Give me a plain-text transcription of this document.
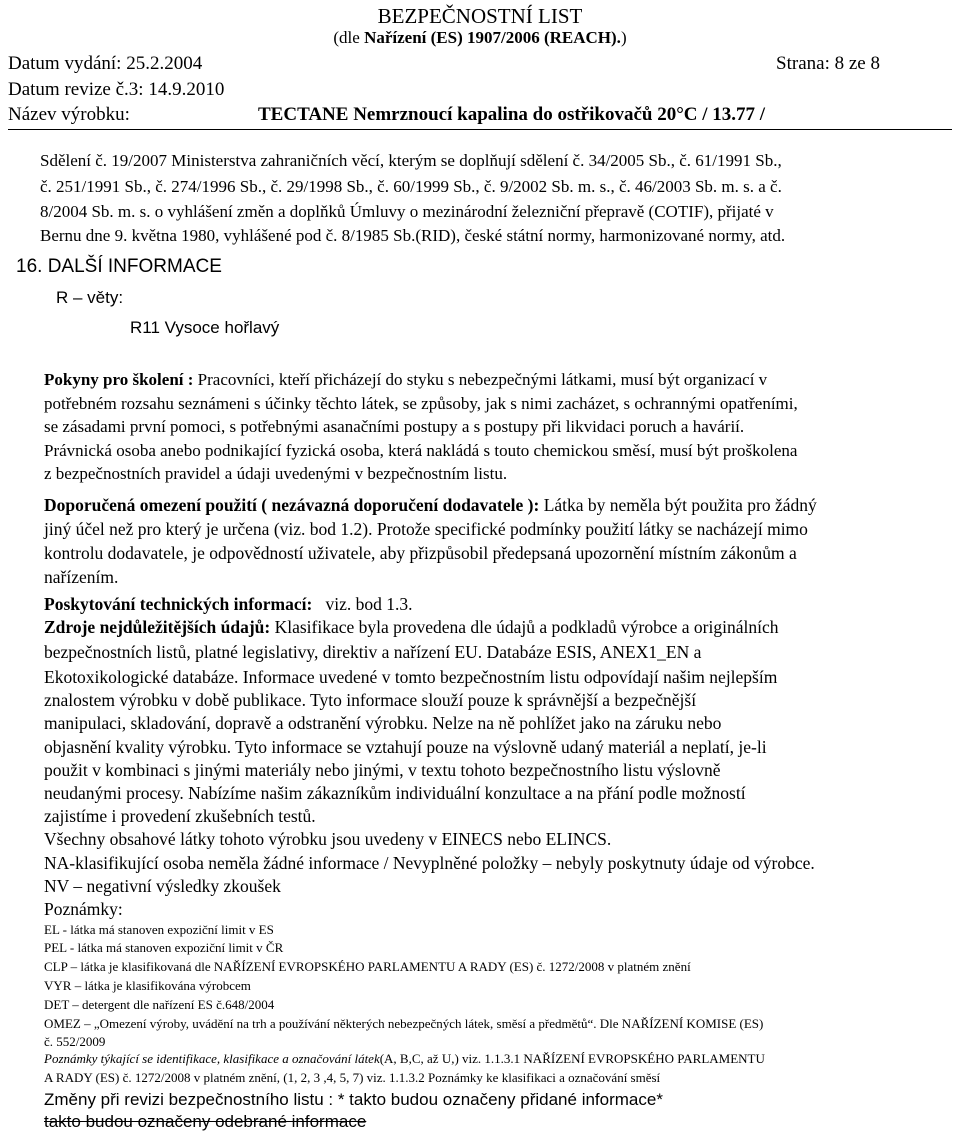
BEZPEČNOSTNÍ LIST
(dle Nařízení (ES) 1907/2006 (REACH).)
Datum vydání: 25.2.2004	Strana: 8 ze 8
Datum revize č.3: 14.9.2010
Název výrobku:	TECTANE Nemrznoucí kapalina do ostřikovačů 20°C / 13.77 /
Sdělení č. 19/2007 Ministerstva zahraničních věcí, kterým se doplňují sdělení č. 34/2005 Sb., č. 61/1991 Sb.,
č. 251/1991 Sb., č. 274/1996 Sb., č. 29/1998 Sb., č. 60/1999 Sb., č. 9/2002 Sb. m. s., č. 46/2003 Sb. m. s. a č.
8/2004 Sb. m. s. o vyhlášení změn a doplňků Úmluvy o mezinárodní železniční přepravě (COTIF), přijaté v
Bernu dne 9. května 1980, vyhlášené pod č. 8/1985 Sb.(RID), české státní normy, harmonizované normy, atd.
16. DALŠÍ INFORMACE
R – věty:
R11 Vysoce hořlavý
Pokyny pro školení : Pracovníci, kteří přicházejí do styku s nebezpečnými látkami, musí být organizací v
potřebném rozsahu seznámeni s účinky těchto látek, se způsoby, jak s nimi zacházet, s ochrannými opatřeními,
se zásadami první pomoci, s potřebnými asanačními postupy a s postupy při likvidaci poruch a havárií.
Právnická osoba anebo podnikající fyzická osoba, která nakládá s touto chemickou směsí, musí být proškolena
z bezpečnostních pravidel a údaji uvedenými v bezpečnostním listu.
Doporučená omezení použití ( nezávazná doporučení dodavatele ): Látka by neměla být použita pro žádný
jiný účel než pro který je určena (viz. bod 1.2). Protože specifické podmínky použití látky se nacházejí mimo
kontrolu dodavatele, je odpovědností uživatele, aby přizpůsobil předepsaná upozornění místním zákonům a
nařízením.
Poskytování technických informací: viz. bod 1.3.
Zdroje nejdůležitějších údajů: Klasifikace byla provedena dle údajů a podkladů výrobce a originálních
bezpečnostních listů, platné legislativy, direktiv a nařízení EU. Databáze ESIS, ANEX1_EN a
Ekotoxikologické databáze. Informace uvedené v tomto bezpečnostním listu odpovídají našim nejlepším
znalostem výrobku v době publikace. Tyto informace slouží pouze k správnější a bezpečnější
manipulaci, skladování, dopravě a odstranění výrobku. Nelze na ně pohlížet jako na záruku nebo
objasnění kvality výrobku. Tyto informace se vztahují pouze na výslovně udaný materiál a neplatí, je-li
použit v kombinaci s jinými materiály nebo jinými, v textu tohoto bezpečnostního listu výslovně
neudanými procesy. Nabízíme našim zákazníkům individuální konzultace a na přání podle možností
zajistíme i provedení zkušebních testů.
Všechny obsahové látky tohoto výrobku jsou uvedeny v EINECS nebo ELINCS.
NA-klasifikující osoba neměla žádné informace / Nevyplněné položky – nebyly poskytnuty údaje od výrobce.
NV – negativní výsledky zkoušek
Poznámky:
EL - látka má stanoven expoziční limit v ES
PEL - látka má stanoven expoziční limit v ČR
CLP – látka je klasifikovaná dle NAŘÍZENÍ EVROPSKÉHO PARLAMENTU A RADY (ES) č. 1272/2008 v platném znění
VYR – látka je klasifikována výrobcem
DET – detergent dle nařízení ES č.648/2004
OMEZ – „Omezení výroby, uvádění na trh a používání některých nebezpečných látek, směsí a předmětů“. Dle NAŘÍZENÍ KOMISE (ES)
č. 552/2009
Poznámky týkající se identifikace, klasifikace a označování látek(A, B,C, až U,) viz. 1.1.3.1 NAŘÍZENÍ EVROPSKÉHO PARLAMENTU
A RADY (ES) č. 1272/2008 v platném znění, (1, 2, 3 ,4, 5, 7) viz. 1.1.3.2 Poznámky ke klasifikaci a označování směsí
Změny při revizi bezpečnostního listu : * takto budou označeny přidané informace*
takto budou označeny odebrané informace
